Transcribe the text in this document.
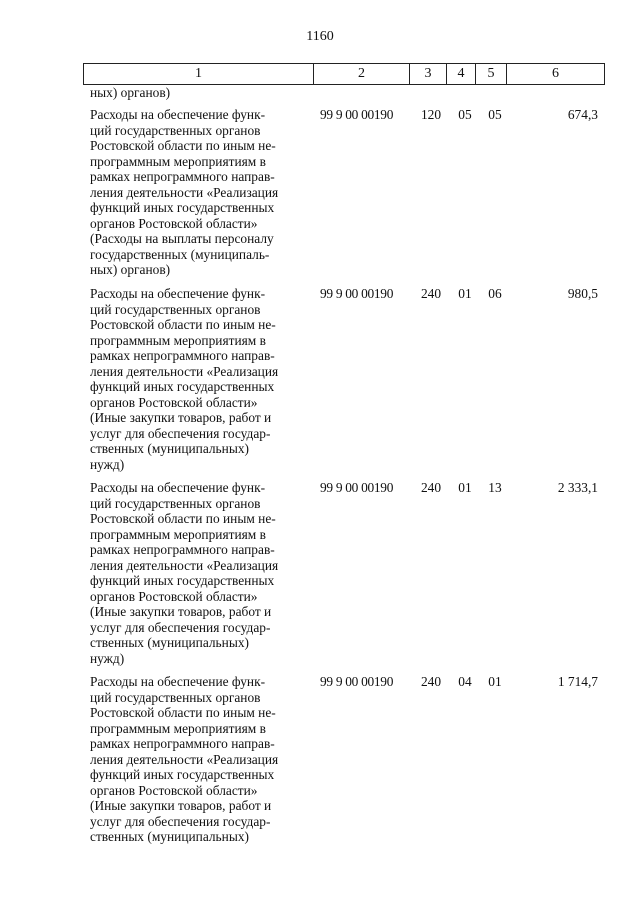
1160
1	2	3	4	5	6
ных) органов)
Расходы на обеспечение функ-
ций государственных органов
Ростовской области по иным не-
программным мероприятиям в
рамках непрограммного направ-
ления деятельности «Реализация
функций иных государственных
органов Ростовской области»
(Расходы на выплаты персоналу
государственных (муниципаль-
ных) органов)
99 9 00 00190	120	05	05	674,3
Расходы на обеспечение функ-
ций государственных органов
Ростовской области по иным не-
программным мероприятиям в
рамках непрограммного направ-
ления деятельности «Реализация
функций иных государственных
органов Ростовской области»
(Иные закупки товаров, работ и
услуг для обеспечения государ-
ственных (муниципальных)
нужд)
99 9 00 00190	240	01	06	980,5
Расходы на обеспечение функ-
ций государственных органов
Ростовской области по иным не-
программным мероприятиям в
рамках непрограммного направ-
ления деятельности «Реализация
функций иных государственных
органов Ростовской области»
(Иные закупки товаров, работ и
услуг для обеспечения государ-
ственных (муниципальных)
нужд)
99 9 00 00190	240	01	13	2 333,1
Расходы на обеспечение функ-
ций государственных органов
Ростовской области по иным не-
программным мероприятиям в
рамках непрограммного направ-
ления деятельности «Реализация
функций иных государственных
органов Ростовской области»
(Иные закупки товаров, работ и
услуг для обеспечения государ-
ственных (муниципальных)
99 9 00 00190	240	04	01	1 714,7
